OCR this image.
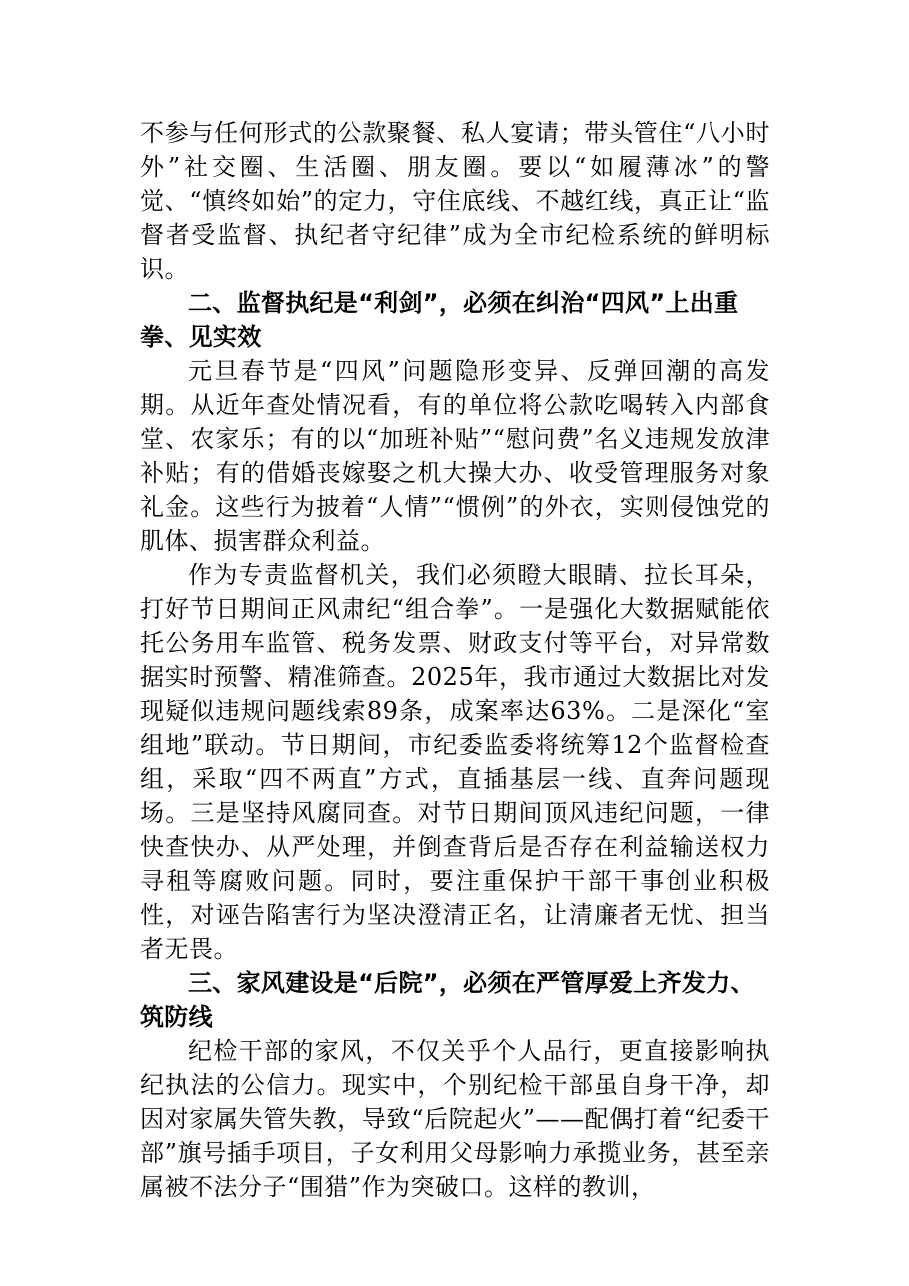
不参与任何形式的公款聚餐、私人宴请；带头管住“八小时外”社交圈、生活圈、朋友圈。要以“如履薄冰”的警觉、“慎终如始”的定力，守住底线、不越红线，真正让“监督者受监督、执纪者守纪律”成为全市纪检系统的鲜明标识。

二、监督执纪是“利剑”，必须在纠治“四风”上出重拳、见实效

元旦春节是“四风”问题隐形变异、反弹回潮的高发期。从近年查处情况看，有的单位将公款吃喝转入内部食堂、农家乐；有的以“加班补贴”“慰问费”名义违规发放津补贴；有的借婚丧嫁娶之机大操大办、收受管理服务对象礼金。这些行为披着“人情”“惯例”的外衣，实则侵蚀党的肌体、损害群众利益。

作为专责监督机关，我们必须瞪大眼睛、拉长耳朵，打好节日期间正风肃纪“组合拳”。一是强化大数据赋能依托公务用车监管、税务发票、财政支付等平台，对异常数据实时预警、精准筛查。2025年，我市通过大数据比对发现疑似违规问题线索89条，成案率达63%。二是深化“室组地”联动。节日期间，市纪委监委将统筹12个监督检查组，采取“四不两直”方式，直插基层一线、直奔问题现场。三是坚持风腐同查。对节日期间顶风违纪问题，一律快查快办、从严处理，并倒查背后是否存在利益输送权力寻租等腐败问题。同时，要注重保护干部干事创业积极性，对诬告陷害行为坚决澄清正名，让清廉者无忧、担当者无畏。

三、家风建设是“后院”，必须在严管厚爱上齐发力、筑防线

纪检干部的家风，不仅关乎个人品行，更直接影响执纪执法的公信力。现实中，个别纪检干部虽自身干净，却因对家属失管失教，导致“后院起火”——配偶打着“纪委干部”旗号插手项目，子女利用父母影响力承揽业务，甚至亲属被不法分子“围猎”作为突破口。这样的教训，
